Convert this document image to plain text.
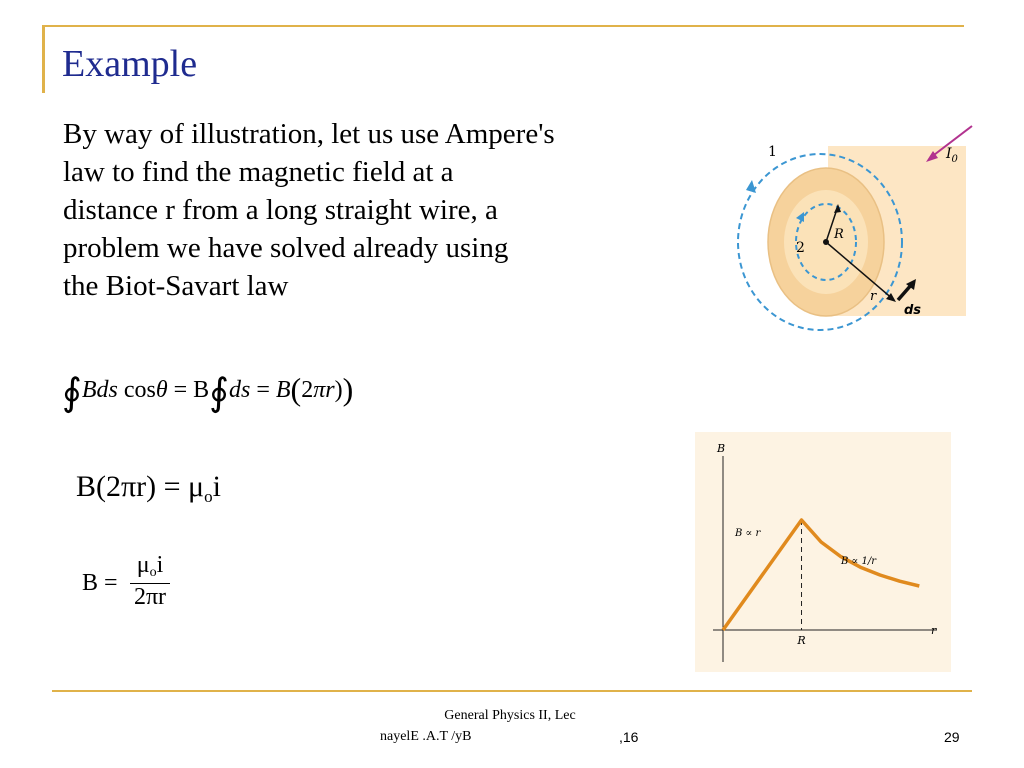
Example
By way of illustration, let us use Ampere's
law to find the magnetic field at a
distance r from a long straight wire, a
problem we have solved already using
the Biot-Savart law
∮Bds cosθ = B∮ds = B(2πr))
$B(2\pi r) = \mu_oi$
B =
$\mu_oi$
2πr
1
2
R
r
ds
$I_0$
B
r
R
B ∝ r
B ∝ 1/r
General Physics II, Lec
nayelE .A.T /yB	,16	29
